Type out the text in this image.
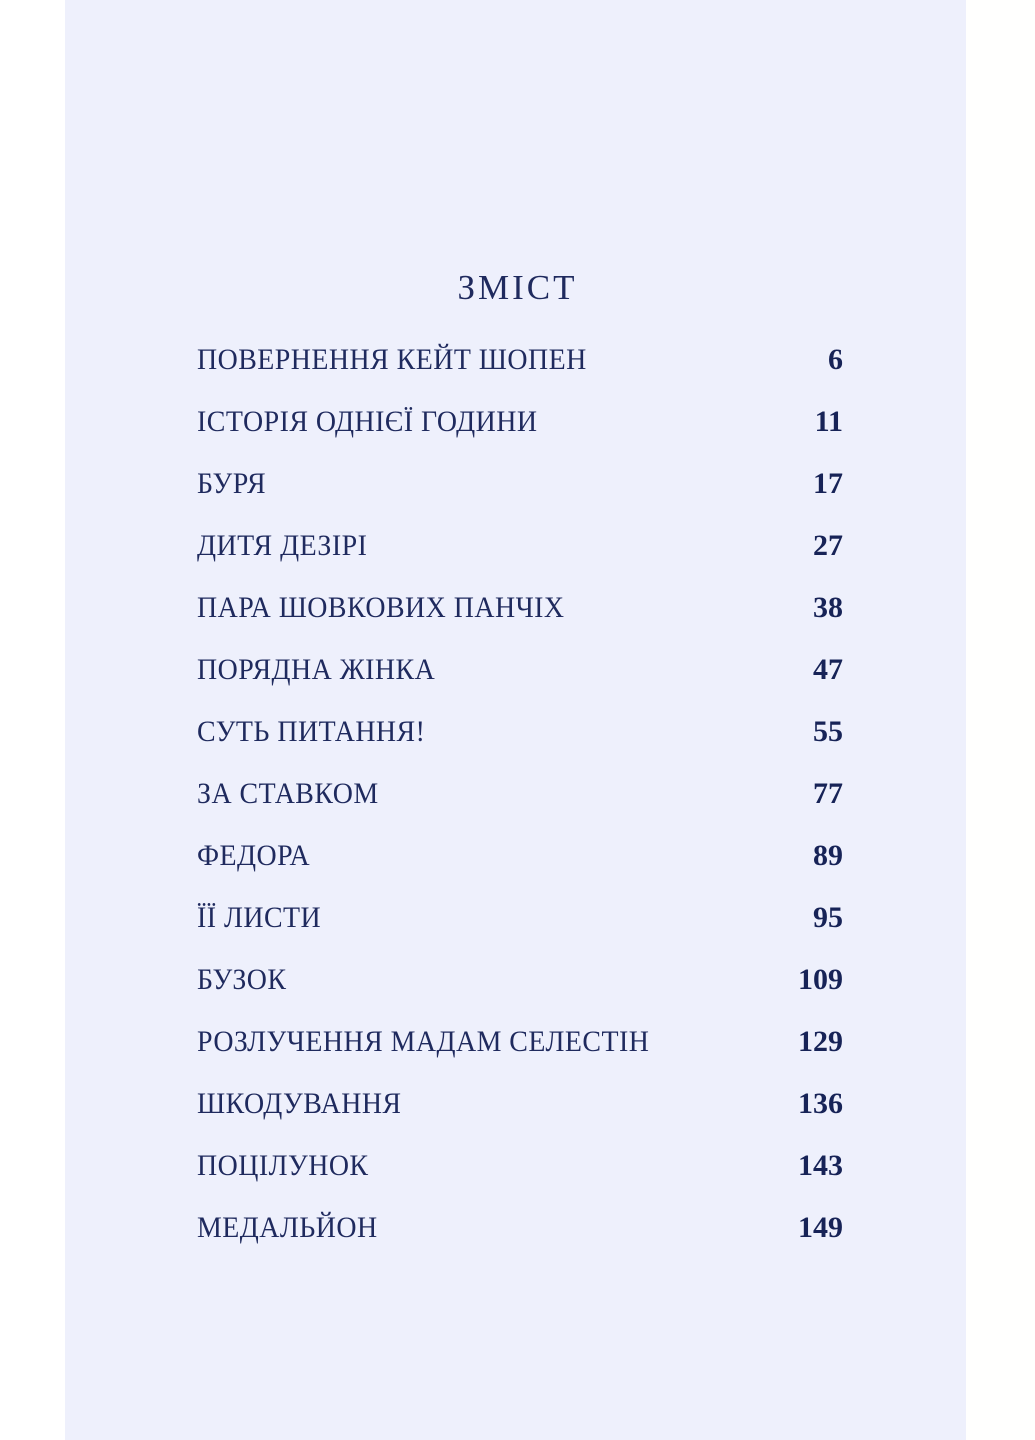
ЗМІСТ
ПОВЕРНЕННЯ КЕЙТ ШОПЕН	6
ІСТОРІЯ ОДНІЄЇ ГОДИНИ	11
БУРЯ	17
ДИТЯ ДЕЗІРІ	27
ПАРА ШОВКОВИХ ПАНЧІХ	38
ПОРЯДНА ЖІНКА	47
СУТЬ ПИТАННЯ!	55
ЗА СТАВКОМ	77
ФЕДОРА	89
ЇЇ ЛИСТИ	95
БУЗОК	109
РОЗЛУЧЕННЯ МАДАМ СЕЛЕСТІН	129
ШКОДУВАННЯ	136
ПОЦІЛУНОК	143
МЕДАЛЬЙОН	149
